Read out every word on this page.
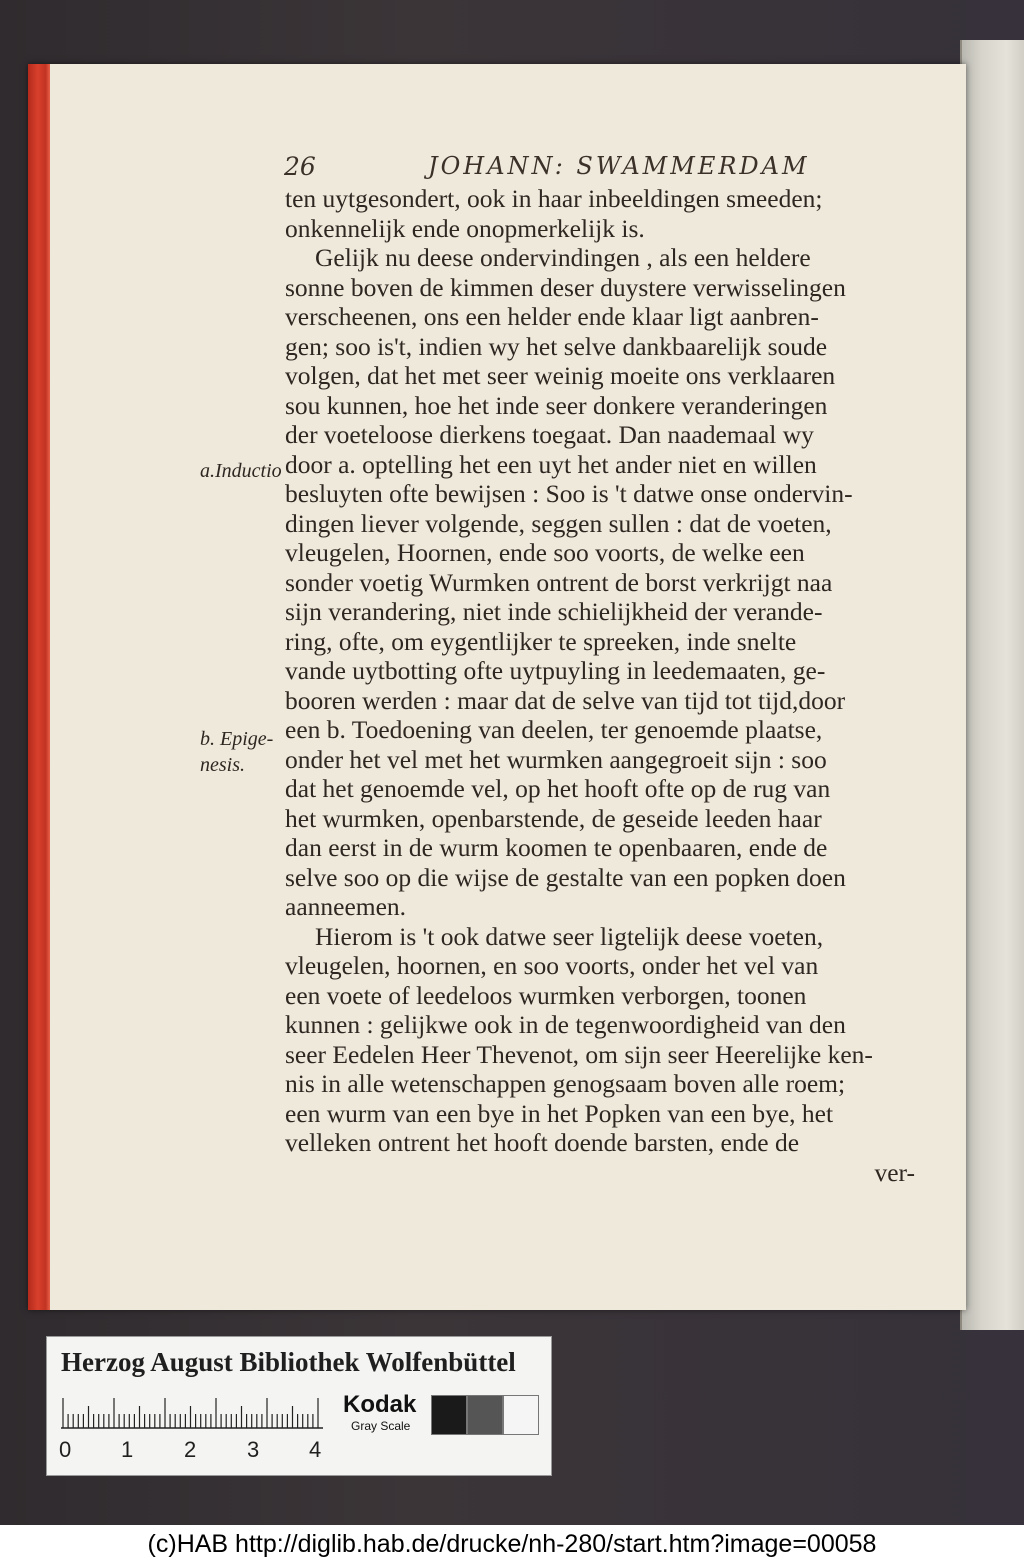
26	JOHANN: SWAMMERDAM
a.Inductio
b. Epige-
nesis.
ten uytgesondert, ook in haar inbeeldingen smeeden;
onkennelijk ende onopmerkelijk is.
Gelijk nu deese ondervindingen , als een heldere
sonne boven de kimmen deser duystere verwisselingen
verscheenen, ons een helder ende klaar ligt aanbren-
gen; soo is't, indien wy het selve dankbaarelijk soude
volgen, dat het met seer weinig moeite ons verklaaren
sou kunnen, hoe het inde seer donkere veranderingen
der voeteloose dierkens toegaat. Dan naademaal wy
door a. optelling het een uyt het ander niet en willen
besluyten ofte bewijsen : Soo is 't datwe onse ondervin-
dingen liever volgende, seggen sullen : dat de voeten,
vleugelen, Hoornen, ende soo voorts, de welke een
sonder voetig Wurmken ontrent de borst verkrijgt naa
sijn verandering, niet inde schielijkheid der verande-
ring, ofte, om eygentlijker te spreeken, inde snelte
vande uytbotting ofte uytpuyling in leedemaaten, ge-
booren werden : maar dat de selve van tijd tot tijd,door
een b. Toedoening van deelen, ter genoemde plaatse,
onder het vel met het wurmken aangegroeit sijn : soo
dat het genoemde vel, op het hooft ofte op de rug van
het wurmken, openbarstende, de geseide leeden haar
dan eerst in de wurm koomen te openbaaren, ende de
selve soo op die wijse de gestalte van een popken doen
aanneemen.
Hierom is 't ook datwe seer ligtelijk deese voeten,
vleugelen, hoornen, en soo voorts, onder het vel van
een voete of leedeloos wurmken verborgen, toonen
kunnen : gelijkwe ook in de tegenwoordigheid van den
seer Eedelen Heer Thevenot, om sijn seer Heerelijke ken-
nis in alle wetenschappen genogsaam boven alle roem;
een wurm van een bye in het Popken van een bye, het
velleken ontrent het hooft doende barsten, ende de
ver-
Herzog August Bibliothek Wolfenbüttel
0 1 2 3 4
Kodak
Gray Scale
(c)HAB http://diglib.hab.de/drucke/nh-280/start.htm?image=00058
